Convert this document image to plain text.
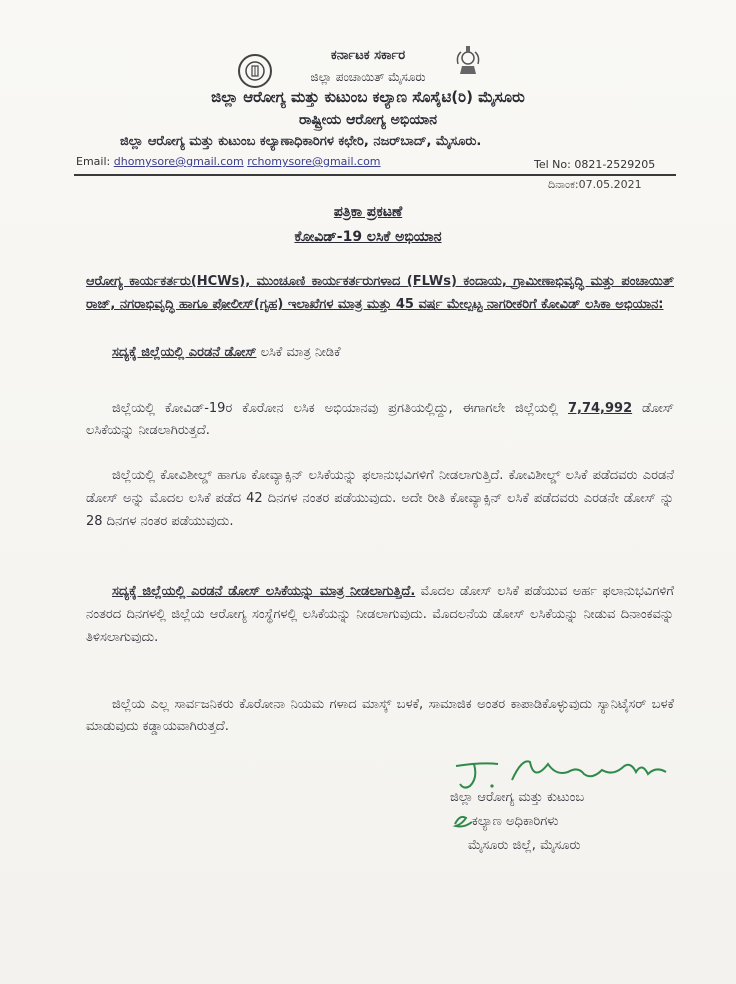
ಕರ್ನಾಟಕ ಸರ್ಕಾರ
ಜಿಲ್ಲಾ ಪಂಚಾಯಿತ್ ಮೈಸೂರು
ಜಿಲ್ಲಾ ಆರೋಗ್ಯ ಮತ್ತು ಕುಟುಂಬ ಕಲ್ಯಾಣ ಸೊಸೈಟಿ(ರಿ) ಮೈಸೂರು
ರಾಷ್ಟ್ರೀಯ ಆರೋಗ್ಯ ಅಭಿಯಾನ
ಜಿಲ್ಲಾ ಆರೋಗ್ಯ ಮತ್ತು ಕುಟುಂಬ ಕಲ್ಯಾಣಾಧಿಕಾರಿಗಳ ಕಛೇರಿ, ನಜರ್‌ಬಾದ್, ಮೈಸೂರು.
Email: dhomysore@gmail.com rchomysore@gmail.com	Tel No: 0821-2529205
ದಿನಾಂಕ:07.05.2021
ಪತ್ರಿಕಾ ಪ್ರಕಟಣೆ
ಕೋವಿಡ್-19 ಲಸಿಕೆ ಅಭಿಯಾನ
ಆರೋಗ್ಯ ಕಾರ್ಯಕರ್ತರು(HCWs), ಮುಂಚೂಣಿ ಕಾರ್ಯಕರ್ತರುಗಳಾದ (FLWs) ಕಂದಾಯ, ಗ್ರಾಮೀಣಾಭಿವೃದ್ಧಿ ಮತ್ತು ಪಂಚಾಯಿತ್ ರಾಜ್, ನಗರಾಭಿವೃದ್ಧಿ ಹಾಗೂ ಪೋಲೀಸ್(ಗೃಹ) ಇಲಾಖೆಗಳ ಮಾತ್ರ ಮತ್ತು 45 ವರ್ಷ ಮೇಲ್ಪಟ್ಟ ನಾಗರೀಕರಿಗೆ ಕೋವಿಡ್ ಲಸಿಕಾ ಅಭಿಯಾನ:
ಸದ್ಯಕ್ಕೆ ಜಿಲ್ಲೆಯಲ್ಲಿ ಎರಡನೆ ಡೋಸ್ ಲಸಿಕೆ ಮಾತ್ರ ನೀಡಿಕೆ
ಜಿಲ್ಲೆಯಲ್ಲಿ ಕೋವಿಡ್-19ರ ಕೊರೋನ ಲಸಿಕ ಅಭಿಯಾನವು ಪ್ರಗತಿಯಲ್ಲಿದ್ದು, ಈಗಾಗಲೇ ಜಿಲ್ಲೆಯಲ್ಲಿ 7,74,992 ಡೋಸ್ ಲಸಿಕೆಯನ್ನು ನೀಡಲಾಗಿರುತ್ತದೆ.
ಜಿಲ್ಲೆಯಲ್ಲಿ ಕೋವಿಶೀಲ್ಡ್ ಹಾಗೂ ಕೋವ್ಯಾಕ್ಸಿನ್ ಲಸಿಕೆಯನ್ನು ಫಲಾನುಭವಿಗಳಿಗೆ ನೀಡಲಾಗುತ್ತಿದೆ. ಕೋವಿಶೀಲ್ಡ್ ಲಸಿಕೆ ಪಡೆದವರು ಎರಡನೆ ಡೋಸ್ ಅನ್ನು ಮೊದಲ ಲಸಿಕೆ ಪಡೆದ 42 ದಿನಗಳ ನಂತರ ಪಡೆಯುವುದು. ಅದೇ ರೀತಿ ಕೋವ್ಯಾಕ್ಸಿನ್ ಲಸಿಕೆ ಪಡೆದವರು ಎರಡನೇ ಡೋಸ್ ನ್ನು 28 ದಿನಗಳ ನಂತರ ಪಡೆಯುವುದು.
ಸದ್ಯಕ್ಕೆ ಜಿಲ್ಲೆಯಲ್ಲಿ ಎರಡನೆ ಡೋಸ್ ಲಸಿಕೆಯನ್ನು ಮಾತ್ರ ನೀಡಲಾಗುತ್ತಿದೆ. ಮೊದಲ ಡೋಸ್ ಲಸಿಕೆ ಪಡೆಯುವ ಅರ್ಹ ಫಲಾನುಭವಿಗಳಿಗೆ ನಂತರದ ದಿನಗಳಲ್ಲಿ ಜಿಲ್ಲೆಯ ಆರೋಗ್ಯ ಸಂಸ್ಥೆಗಳಲ್ಲಿ ಲಸಿಕೆಯನ್ನು ನೀಡಲಾಗುವುದು. ಮೊದಲನೆಯ ಡೋಸ್ ಲಸಿಕೆಯನ್ನು ನೀಡುವ ದಿನಾಂಕವನ್ನು ತಿಳಿಸಲಾಗುವುದು.
ಜಿಲ್ಲೆಯ ಎಲ್ಲ ಸಾರ್ವಜನಿಕರು ಕೊರೋನಾ ನಿಯಮ ಗಳಾದ ಮಾಸ್ಕ್ ಬಳಕೆ, ಸಾಮಾಜಿಕ ಅಂತರ ಕಾಪಾಡಿಕೊಳ್ಳುವುದು ಸ್ಯಾನಿಟೈಸರ್ ಬಳಕೆ ಮಾಡುವುದು ಕಡ್ಡಾಯವಾಗಿರುತ್ತದೆ.
ಜಿಲ್ಲಾ ಆರೋಗ್ಯ ಮತ್ತು ಕುಟುಂಬ
ಕಲ್ಯಾಣ ಅಧಿಕಾರಿಗಳು
ಮೈಸೂರು ಜಿಲ್ಲೆ, ಮೈಸೂರು
